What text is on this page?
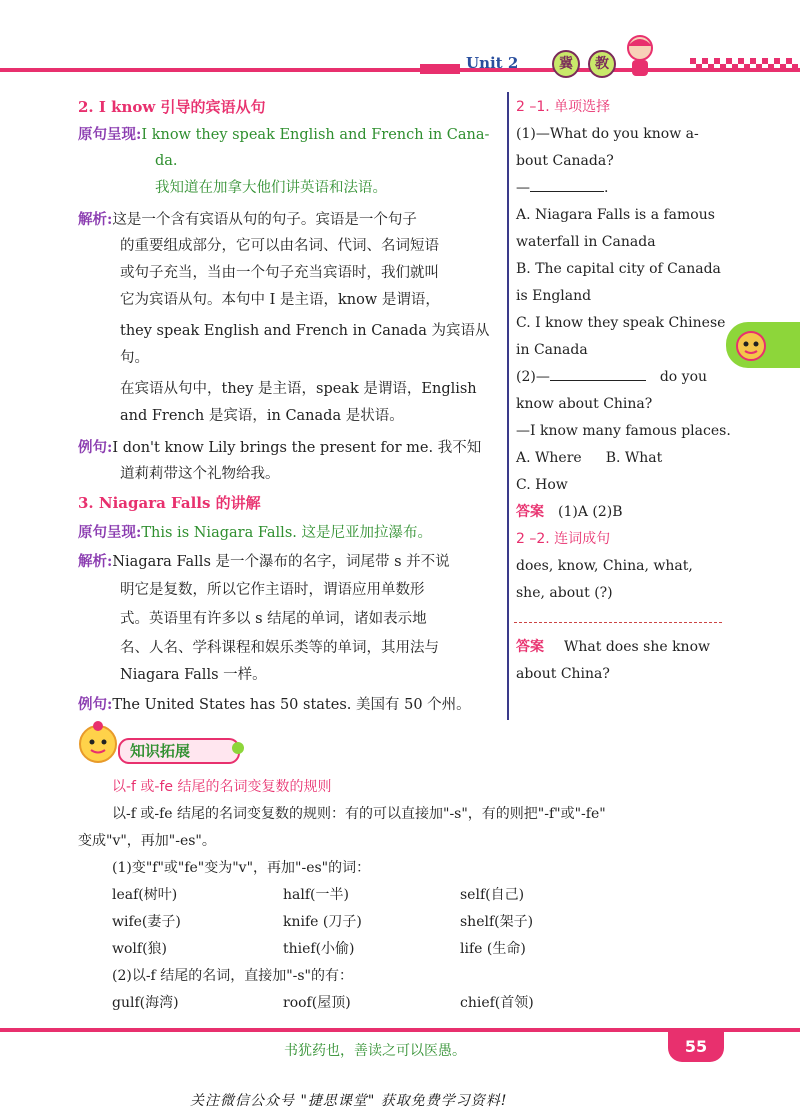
Unit 2	冀	教
2. I know 引导的宾语从句
原句呈现:I know they speak English and French in Cana-
da.
我知道在加拿大他们讲英语和法语。
解析:这是一个含有宾语从句的句子。宾语是一个句子
的重要组成部分，它可以由名词、代词、名词短语
或句子充当，当由一个句子充当宾语时，我们就叫
它为宾语从句。本句中 I 是主语，know 是谓语，
they speak English and French in Canada 为宾语从
句。
在宾语从句中，they 是主语，speak 是谓语，English
and French 是宾语，in Canada 是状语。
例句:I don't know Lily brings the present for me. 我不知
道莉莉带这个礼物给我。
3. Niagara Falls 的讲解
原句呈现:This is Niagara Falls. 这是尼亚加拉瀑布。
解析:Niagara Falls 是一个瀑布的名字，词尾带 s 并不说
明它是复数，所以它作主语时，谓语应用单数形
式。英语里有许多以 s 结尾的单词，诸如表示地
名、人名、学科课程和娱乐类等的单词，其用法与
Niagara Falls 一样。
例句:The United States has 50 states. 美国有 50 个州。
2 –1. 单项选择
(1)—What do you know a-
bout Canada?
—	.
A. Niagara Falls is a famous
waterfall in Canada
B. The capital city of Canada
is England
C. I know they speak Chinese
in Canada
(2)—	do you
know about China?
—I know many famous places.
A. Where B. What
C. How
答案 (1)A (2)B
2 –2. 连词成句
does, know, China, what,
she, about (?)
答案 What does she know
about China?
知识拓展
以-f 或-fe 结尾的名词变复数的规则
以-f 或-fe 结尾的名词变复数的规则：有的可以直接加"-s"，有的则把"-f"或"-fe"
变成"v"，再加"-es"。
(1)变"f"或"fe"变为"v"，再加"-es"的词：
leaf(树叶)	half(一半)	self(自己)
wife(妻子)	knife (刀子)	shelf(架子)
wolf(狼)	thief(小偷)	life (生命)
(2)以-f 结尾的名词，直接加"-s"的有：
gulf(海湾)	roof(屋顶)	chief(首领)
书犹药也，善读之可以医愚。	55
关注微信公众号 "捷思课堂" 获取免费学习资料!
